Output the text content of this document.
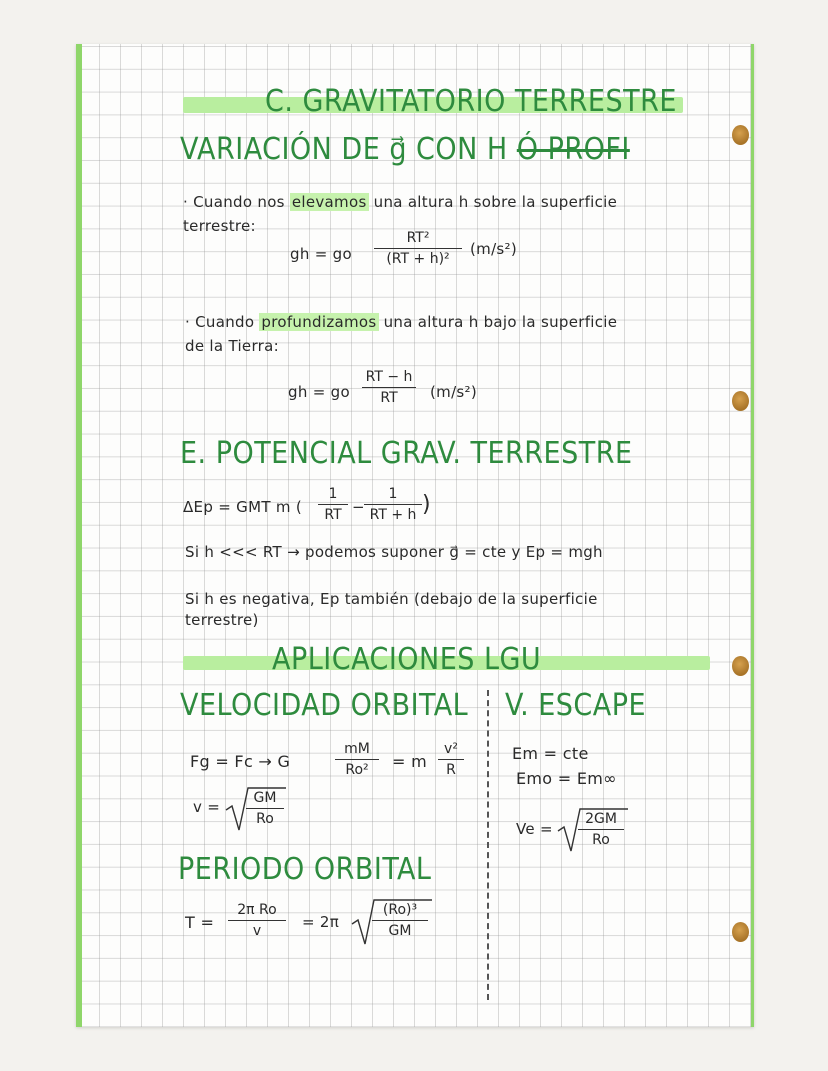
C. GRAVITATORIO TERRESTRE
VARIACIÓN DE g⃗ CON H Ó PROFI
· Cuando nos elevamos una altura h sobre la superficie
terrestre:
gh = go
RT²
(RT + h)²
(m/s²)
· Cuando profundizamos una altura h bajo la superficie
de la Tierra:
gh = go
RT − h
RT	(m/s²)
E. POTENCIAL GRAV. TERRESTRE
ΔEp = GMT m (
1
RT −
1
RT + h )
Si h <<< RT → podemos suponer g⃗ = cte y Ep = mgh
Si h es negativa, Ep también (debajo de la superficie
terrestre)
APLICACIONES LGU
VELOCIDAD ORBITAL
Fg = Fc → G
mM
Ro²	= m
v²
R
v =	GM
Ro
PERIODO ORBITAL
T =
2π Ro
v	= 2π
(Ro)³
GM
V. ESCAPE
Em = cte
Emo = Em∞
Ve =
2GM
Ro
